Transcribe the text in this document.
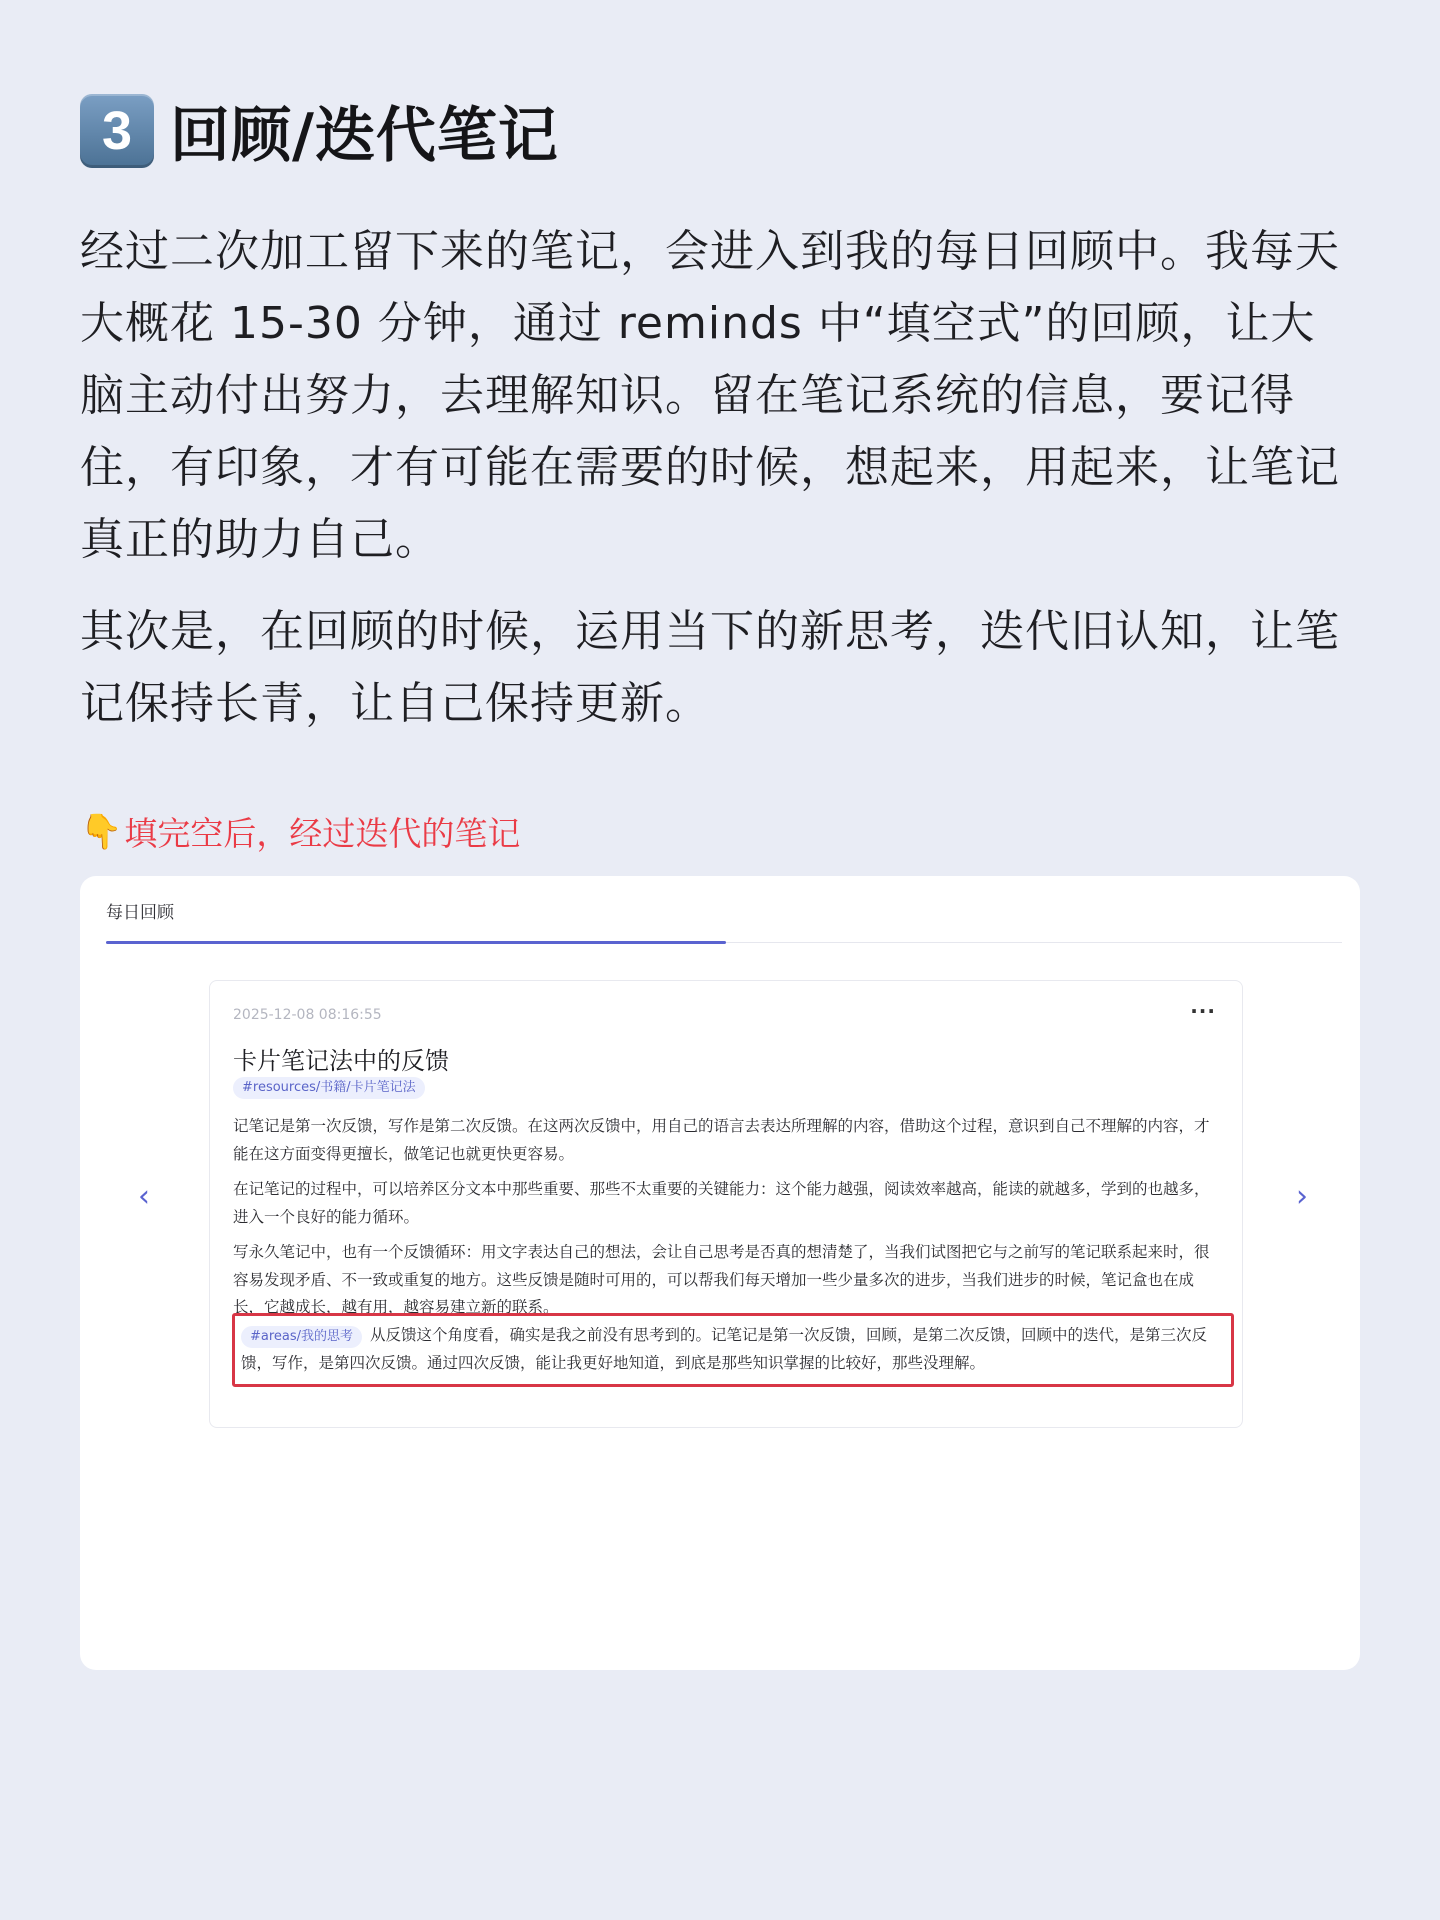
3 回顾/迭代笔记
经过二次加工留下来的笔记，会进入到我的每日回顾中。我每天大概花 15-30 分钟，通过 reminds 中“填空式”的回顾，让大脑主动付出努力，去理解知识。留在笔记系统的信息，要记得住，有印象，才有可能在需要的时候，想起来，用起来，让笔记真正的助力自己。
其次是，在回顾的时候，运用当下的新思考，迭代旧认知，让笔记保持长青，让自己保持更新。
👇 填完空后，经过迭代的笔记
每日回顾
‹	›
2025-12-08 08:16:55	···
卡片笔记法中的反馈
#resources/书籍/卡片笔记法

记笔记是第一次反馈，写作是第二次反馈。在这两次反馈中，用自己的语言去表达所理解的内容，借助这个过程，意识到自己不理解的内容，才能在这方面变得更擅长，做笔记也就更快更容易。

在记笔记的过程中，可以培养区分文本中那些重要、那些不太重要的关键能力：这个能力越强，阅读效率越高，能读的就越多，学到的也越多，进入一个良好的能力循环。

写永久笔记中，也有一个反馈循环：用文字表达自己的想法，会让自己思考是否真的想清楚了，当我们试图把它与之前写的笔记联系起来时，很容易发现矛盾、不一致或重复的地方。这些反馈是随时可用的，可以帮我们每天增加一些少量多次的进步，当我们进步的时候，笔记盒也在成长，它越成长，越有用，越容易建立新的联系。

#areas/我的思考 从反馈这个角度看，确实是我之前没有思考到的。记笔记是第一次反馈，回顾，是第二次反馈，回顾中的迭代，是第三次反馈，写作，是第四次反馈。通过四次反馈，能让我更好地知道，到底是那些知识掌握的比较好，那些没理解。
